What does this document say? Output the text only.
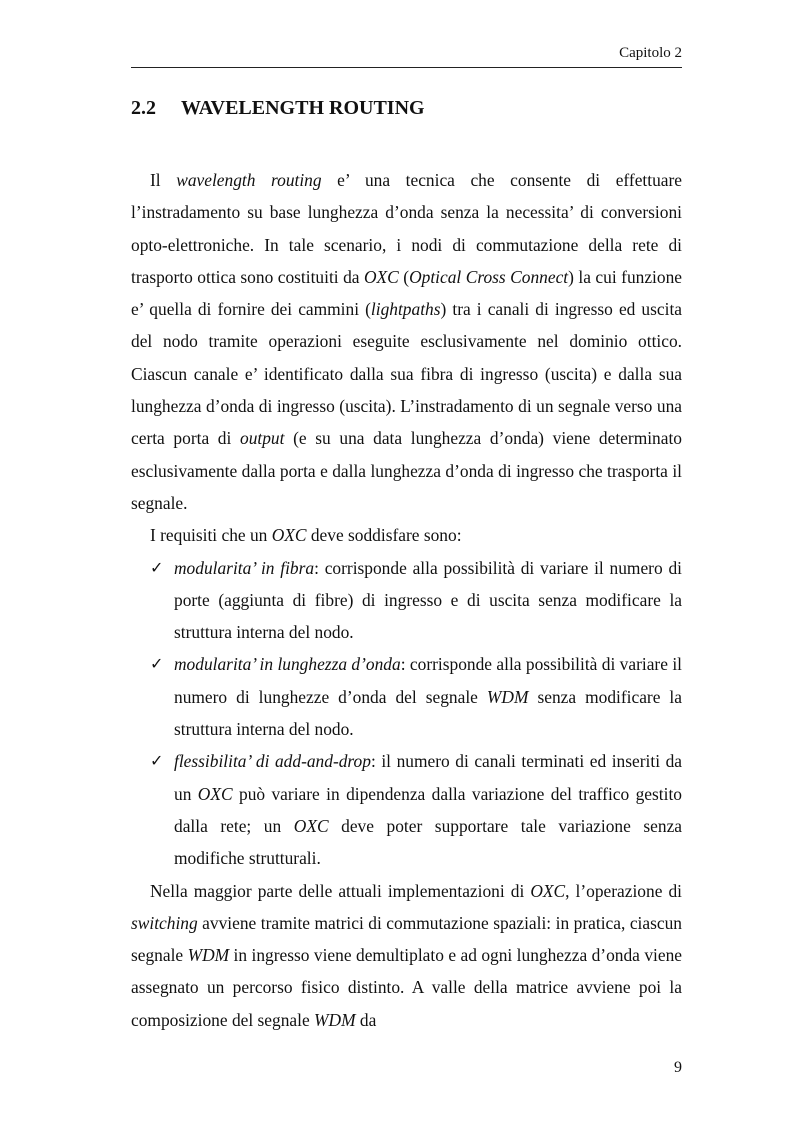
Capitolo 2
2.2 WAVELENGTH ROUTING

Il wavelength routing e’ una tecnica che consente di effettuare l’instradamento su base lunghezza d’onda senza la necessita’ di conversioni opto-elettroniche. In tale scenario, i nodi di commutazione della rete di trasporto ottica sono costituiti da OXC (Optical Cross Connect) la cui funzione e’ quella di fornire dei cammini (lightpaths) tra i canali di ingresso ed uscita del nodo tramite operazioni eseguite esclusivamente nel dominio ottico. Ciascun canale e’ identificato dalla sua fibra di ingresso (uscita) e dalla sua lunghezza d’onda di ingresso (uscita). L’instradamento di un segnale verso una certa porta di output (e su una data lunghezza d’onda) viene determinato esclusivamente dalla porta e dalla lunghezza d’onda di ingresso che trasporta il segnale.

I requisiti che un OXC deve soddisfare sono:

✓ modularita’ in fibra: corrisponde alla possibilità di variare il numero di porte (aggiunta di fibre) di ingresso e di uscita senza modificare la struttura interna del nodo.
✓ modularita’ in lunghezza d’onda: corrisponde alla possibilità di variare il numero di lunghezze d’onda del segnale WDM senza modificare la struttura interna del nodo.
✓ flessibilita’ di add-and-drop: il numero di canali terminati ed inseriti da un OXC può variare in dipendenza dalla variazione del traffico gestito dalla rete; un OXC deve poter supportare tale variazione senza modifiche strutturali.

Nella maggior parte delle attuali implementazioni di OXC, l’operazione di switching avviene tramite matrici di commutazione spaziali: in pratica, ciascun segnale WDM in ingresso viene demultiplato e ad ogni lunghezza d’onda viene assegnato un percorso fisico distinto. A valle della matrice avviene poi la composizione del segnale WDM da

9
